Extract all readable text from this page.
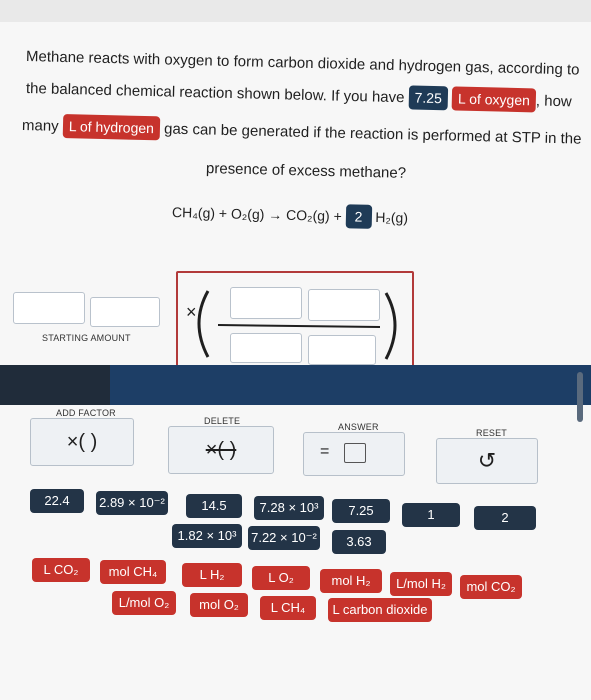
Methane reacts with oxygen to form carbon dioxide and hydrogen gas, according to
the balanced chemical reaction shown below. If you have 7.25 L of oxygen , how
many L of hydrogen gas can be generated if the reaction is performed at STP in the
presence of excess methane?
CH₄(g) + O₂(g) → CO₂(g) + 2 H₂(g)
STARTING AMOUNT
×
ADD FACTOR
×( )
DELETE
×( )
ANSWER
=
RESET
↺
22.4	2.89 × 10⁻²	14.5	7.28 × 10³	7.25	1	2
1.82 × 10³	7.22 × 10⁻²	3.63
L CO₂	mol CH₄	L H₂	L O₂	mol H₂	L/mol H₂	mol CO₂
L/mol O₂	mol O₂	L CH₄	L carbon dioxide
